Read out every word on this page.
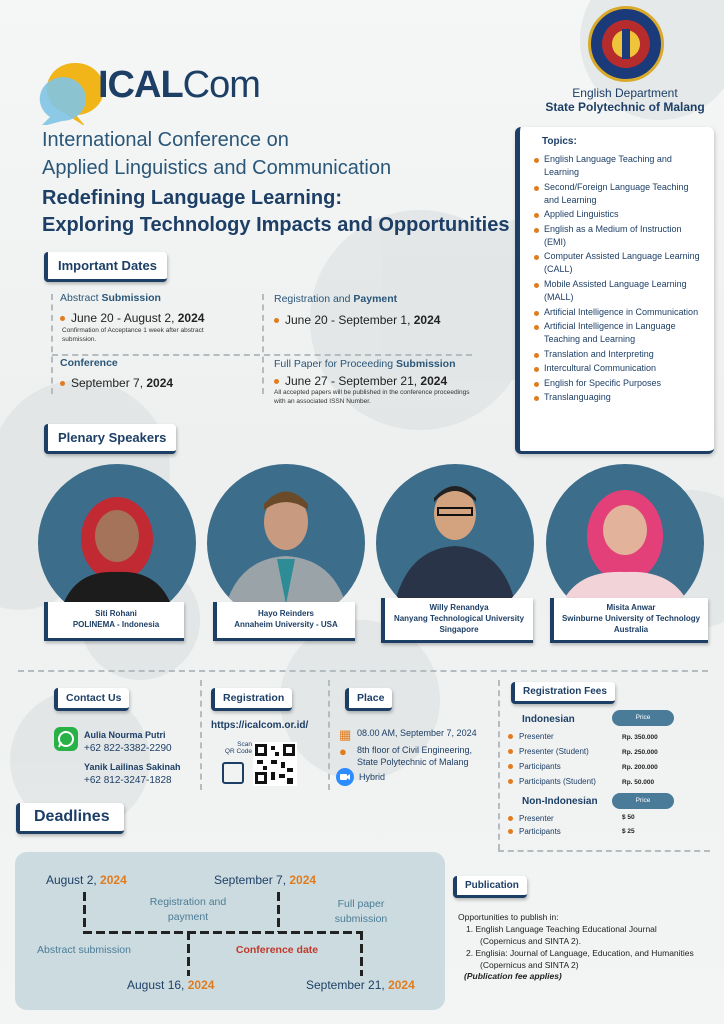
ICALCom	English Department
State Polytechnic of Malang
International Conference on
Applied Linguistics and Communication
Redefining Language Learning:
Exploring Technology Impacts and Opportunities
Topics:
English Language Teaching and Learning
Second/Foreign Language Teaching and Learning
Applied Linguistics
English as a Medium of Instruction (EMI)
Computer Assisted Language Learning (CALL)
Mobile Assisted Language Learning (MALL)
Artificial Intelligence in Communication
Artificial Intelligence in Language Teaching and Learning
Translation and Interpreting
Intercultural Communication
English for Specific Purposes
Translanguaging
Important Dates
Abstract Submission
June 20 - August 2, 2024
Confirmation of Acceptance 1 week after abstract submission.
Conference
September 7, 2024
Registration and Payment
June 20 - September 1, 2024
Full Paper for Proceeding Submission
June 27 - September 21, 2024
All accepted papers will be published in the conference proceedings with an associated ISSN Number.
Plenary Speakers
Siti Rohani
POLINEMA - Indonesia
Hayo Reinders
Annaheim University - USA
Willy Renandya
Nanyang Technological University
Singapore
Misita Anwar
Swinburne University of Technology
Australia
Contact Us
Aulia Nourma Putri
+62 822-3382-2290
Yanik Lailinas Sakinah
+62 812-3247-1828
Registration
https://icalcom.or.id/
Scan
QR Code
Place
▦ 08.00 AM, September 7, 2024
● 8th floor of Civil Engineering,
State Polytechnic of Malang
Hybrid
Registration Fees
Indonesian	Price
Presenter	Rp. 350.000
Presenter (Student)	Rp. 250.000
Participants	Rp. 200.000
Participants (Student)	Rp. 50.000
Non-Indonesian	Price
Presenter	$ 50
Participants	$ 25
Deadlines
August 2, 2024	September 7, 2024
August 16, 2024	September 21, 2024
Registration and
payment
Full paper
submission
Abstract submission	Conference date
Publication
Opportunities to publish in:
1. English Language Teaching Educational Journal
(Copernicus and SINTA 2).
2. Englisia: Journal of Language, Education, and Humanities
(Copernicus and SINTA 2)
(Publication fee applies)
